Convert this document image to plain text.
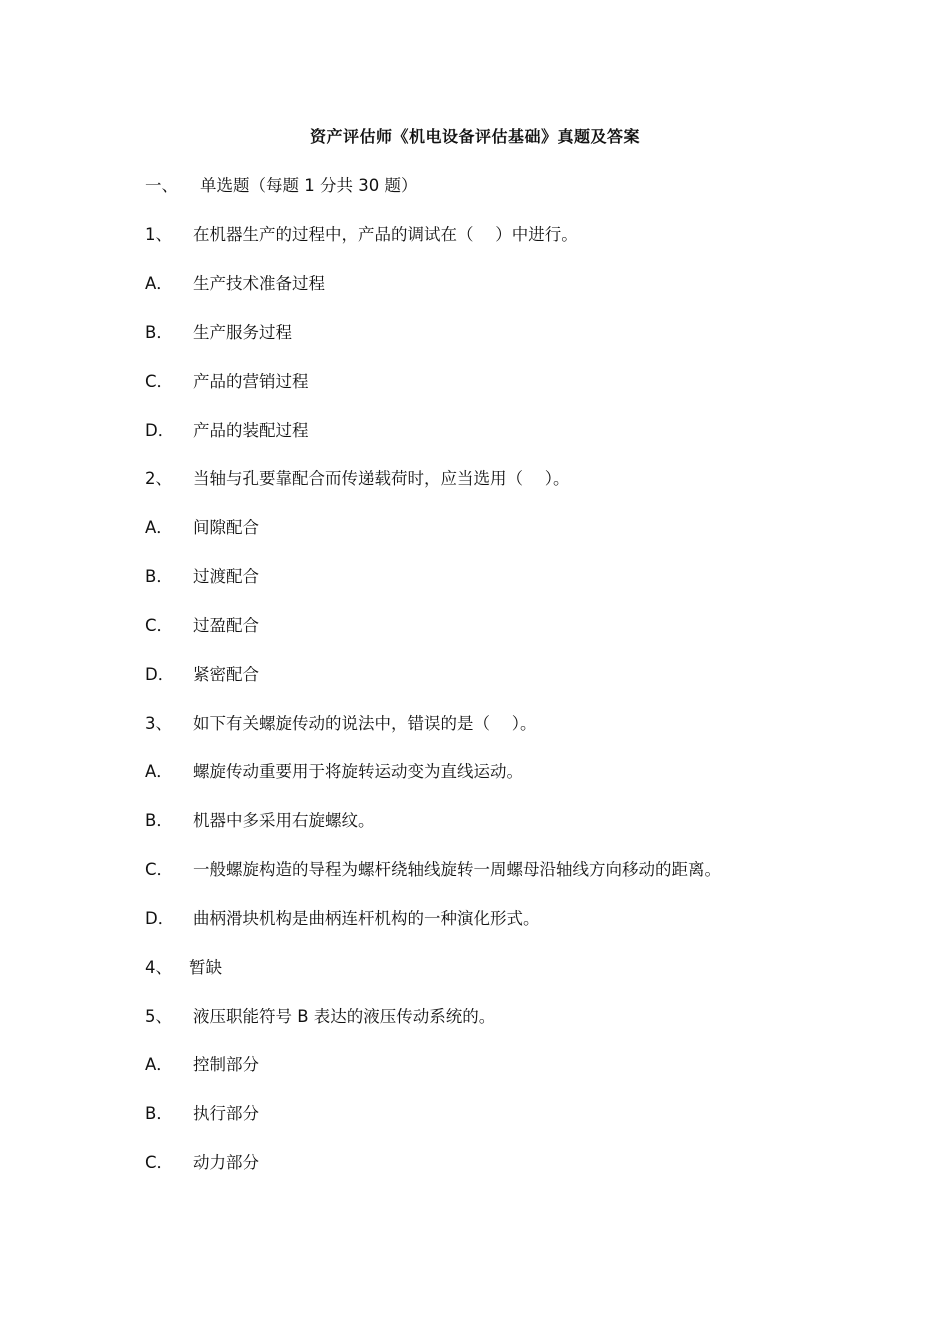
资产评估师《机电设备评估基础》真题及答案
一、 单选题（每题 1 分共 30 题）
1、 在机器生产的过程中，产品的调试在（　 ）中进行。
A． 生产技术准备过程
B． 生产服务过程
C． 产品的营销过程
D． 产品的装配过程
2、 当轴与孔要靠配合而传递载荷时，应当选用（　 ）。
A． 间隙配合
B． 过渡配合
C． 过盈配合
D． 紧密配合
3、 如下有关螺旋传动的说法中，错误的是（　 ）。
A． 螺旋传动重要用于将旋转运动变为直线运动。
B． 机器中多采用右旋螺纹。
C． 一般螺旋构造的导程为螺杆绕轴线旋转一周螺母沿轴线方向移动的距离。
D． 曲柄滑块机构是曲柄连杆机构的一种演化形式。
4、 暂缺
5、 液压职能符号 B 表达的液压传动系统的。
A． 控制部分
B． 执行部分
C． 动力部分
